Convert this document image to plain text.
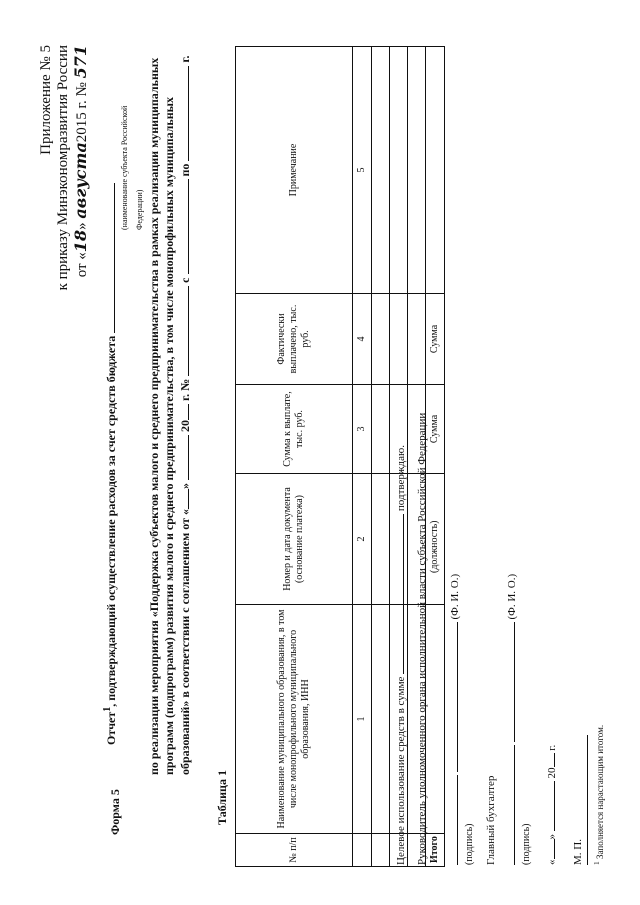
Приложение № 5 к приказу Минэкономразвития России от «18» августа2015 г. № 571
Форма 5
Отчет$^1$, подтверждающий осуществление расходов за счет средств бюджета
(наименование субъекта Российской Федерации) по реализации мероприятия «Поддержка субъектов малого и среднего предпринимательства в рамках реализации муниципальных программ (подпрограмм) развития малого и среднего предпринимательства, в том числе монопрофильных муниципальных образований» в соответствии с соглашением от «»  20 г. №  с  по  г.
Таблица 1
№ п/п	Наименование муниципального образования, в том числе монопрофильного муниципального образования, ИНН	Номер и дата документа (основание платежа)	Сумма к выплате, тыс. руб.	Фактически выплачено, тыс. руб.	Примечание
	1	2	3	4	5

Итого			Сумма	Сумма	
Целевое использование средств в сумме  подтверждаю. Руководитель уполномоченного органа исполнительной власти субъекта Российской Федерации (должность)
(Ф. И. О.)
(подпись) Главный бухгалтер
(Ф. И. О.)
(подпись) «»  20 г.
М. П. $^1$ Заполняется нарастающим итогом.
